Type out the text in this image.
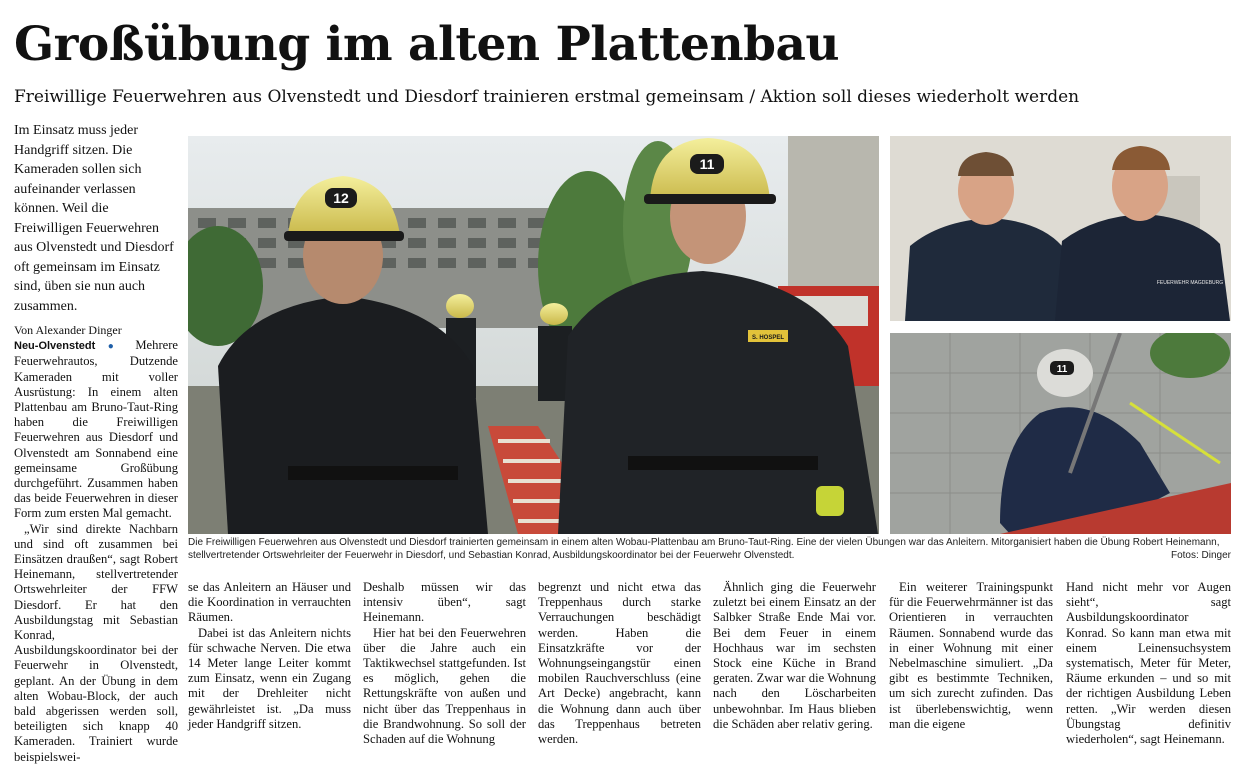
Großübung im alten Plattenbau

Freiwillige Feuerwehren aus Olvenstedt und Diesdorf trainieren erstmal gemeinsam / Aktion soll dieses wiederholt werden

Im Einsatz muss jeder Handgriff sitzen. Die Kameraden sollen sich aufeinander verlassen können. Weil die Freiwilligen Feuerwehren aus Olvenstedt und Diesdorf oft gemeinsam im Einsatz sind, üben sie nun auch zusammen.

Von Alexander Dinger

Neu-Olvenstedt ● Mehrere Feuerwehrautos, Dutzende Kameraden mit voller Ausrüstung: In einem alten Plattenbau am Bruno-Taut-Ring haben die Freiwilligen Feuerwehren aus Diesdorf und Olvenstedt am Sonnabend eine gemeinsame Großübung durchgeführt. Zusammen haben das beide Feuerwehren in dieser Form zum ersten Mal gemacht.

„Wir sind direkte Nachbarn und sind oft zusammen bei Einsätzen draußen“, sagt Robert Heinemann, stellvertretender Ortswehrleiter der FFW Diesdorf. Er hat den Ausbildungstag mit Sebastian Konrad, Ausbildungskoordinator bei der Feuerwehr in Olvenstedt, geplant. An der Übung in dem alten Wobau-Block, der auch bald abgerissen werden soll, beteiligten sich knapp 40 Kameraden. Trainiert wurde beispielswei-

12
11
S. HOSPEL
FEUERWEHR MAGDEBURG
11
Die Freiwilligen Feuerwehren aus Olvenstedt und Diesdorf trainierten gemeinsam in einem alten Wobau-Plattenbau am Bruno-Taut-Ring. Eine der vielen Übungen war das Anleitern. Mitorganisiert haben die Übung Robert Heinemann, stellvertretender Ortswehrleiter der Feuerwehr in Diesdorf, und Sebastian Konrad, Ausbildungskoordinator bei der Feuerwehr Olvenstedt.	Fotos: Dinger

se das Anleitern an Häuser und die Koordination in verrauchten Räumen.

Dabei ist das Anleitern nichts für schwache Nerven. Die etwa 14 Meter lange Leiter kommt zum Einsatz, wenn ein Zugang mit der Drehleiter nicht gewährleistet ist. „Da muss jeder Handgriff sitzen.

Deshalb müssen wir das intensiv üben“, sagt Heinemann.

Hier hat bei den Feuerwehren über die Jahre auch ein Taktikwechsel stattgefunden. Ist es möglich, gehen die Rettungskräfte von außen und nicht über das Treppenhaus in die Brandwohnung. So soll der Schaden auf die Wohnung

begrenzt und nicht etwa das Treppenhaus durch starke Verrauchungen beschädigt werden. Haben die Einsatzkräfte vor der Wohnungseingangstür einen mobilen Rauchverschluss (eine Art Decke) angebracht, kann die Wohnung dann auch über das Treppenhaus betreten werden.

Ähnlich ging die Feuerwehr zuletzt bei einem Einsatz an der Salbker Straße Ende Mai vor. Bei dem Feuer in einem Hochhaus war im sechsten Stock eine Küche in Brand geraten. Zwar war die Wohnung nach den Löscharbeiten unbewohnbar. Im Haus blieben die Schäden aber relativ gering.

Ein weiterer Trainingspunkt für die Feuerwehrmänner ist das Orientieren in verrauchten Räumen. Sonnabend wurde das in einer Wohnung mit einer Nebelmaschine simuliert. „Da gibt es bestimmte Techniken, um sich zurecht zufinden. Das ist überlebenswichtig, wenn man die eigene

Hand nicht mehr vor Augen sieht“, sagt Ausbildungskoordinator Konrad. So kann man etwa mit einem Leinensuchsystem systematisch, Meter für Meter, Räume erkunden – und so mit der richtigen Ausbildung Leben retten. „Wir werden diesen Übungstag definitiv wiederholen“, sagt Heinemann.
